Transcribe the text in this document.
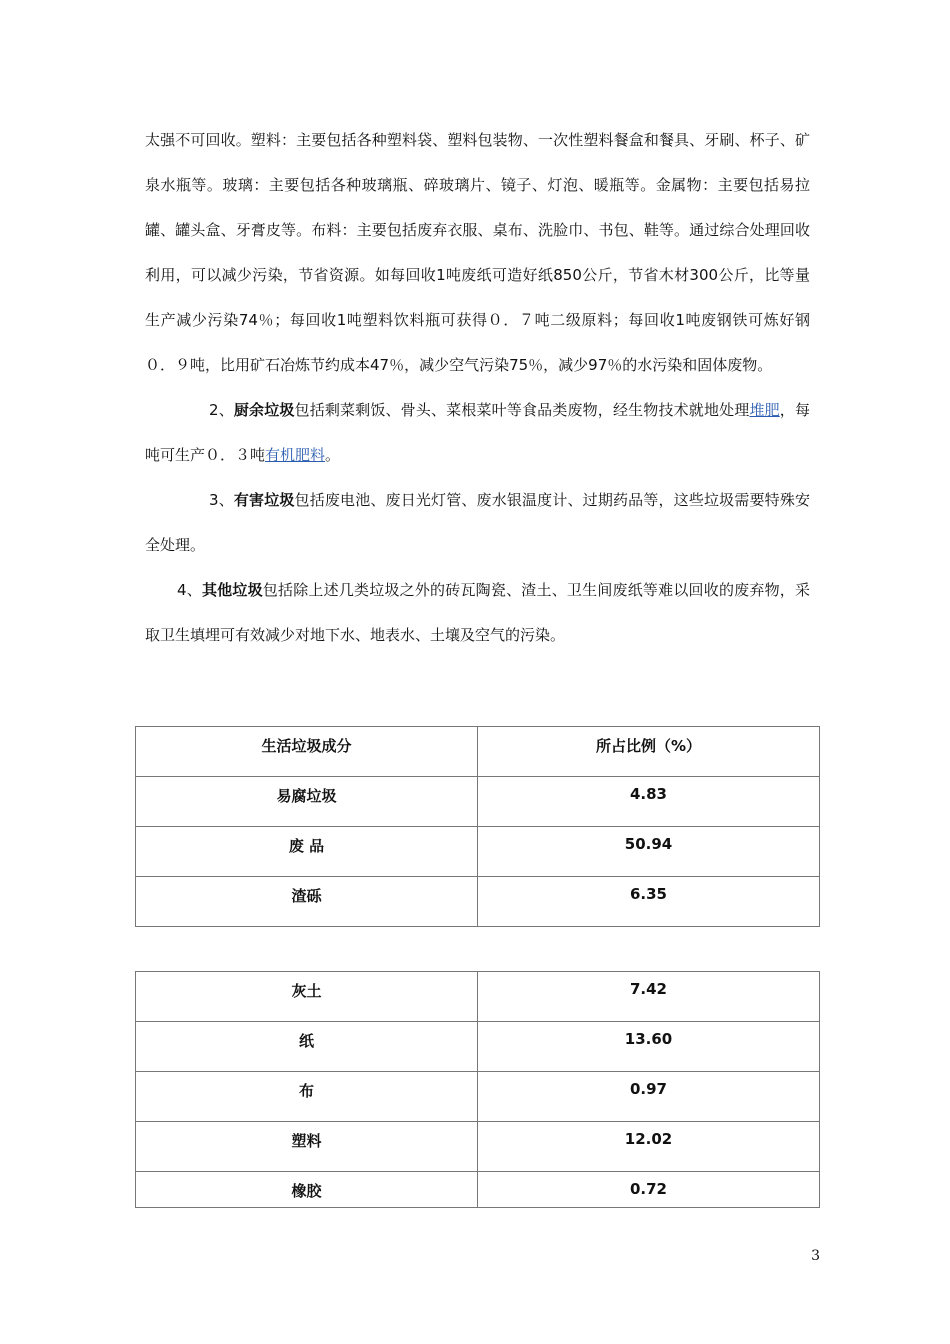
太强不可回收。塑料：主要包括各种塑料袋、塑料包装物、一次性塑料餐盒和餐具、牙刷、杯子、矿泉水瓶等。玻璃：主要包括各种玻璃瓶、碎玻璃片、镜子、灯泡、暖瓶等。金属物：主要包括易拉罐、罐头盒、牙膏皮等。布料：主要包括废弃衣服、桌布、洗脸巾、书包、鞋等。通过综合处理回收利用，可以减少污染，节省资源。如每回收1吨废纸可造好纸850公斤，节省木材300公斤，比等量生产减少污染74％；每回收1吨塑料饮料瓶可获得０．７吨二级原料；每回收1吨废钢铁可炼好钢０．９吨，比用矿石冶炼节约成本47％，减少空气污染75％，减少97％的水污染和固体废物。

2、厨余垃圾包括剩菜剩饭、骨头、菜根菜叶等食品类废物，经生物技术就地处理堆肥，每吨可生产０．３吨有机肥料。

3、有害垃圾包括废电池、废日光灯管、废水银温度计、过期药品等，这些垃圾需要特殊安全处理。

4、其他垃圾包括除上述几类垃圾之外的砖瓦陶瓷、渣土、卫生间废纸等难以回收的废弃物，采取卫生填埋可有效减少对地下水、地表水、土壤及空气的污染。

生活垃圾成分	所占比例（%）
易腐垃圾	4.83
废 品	50.94
渣砾	6.35
灰土	7.42
纸	13.60
布	0.97
塑料	12.02
橡胶	0.72
3
